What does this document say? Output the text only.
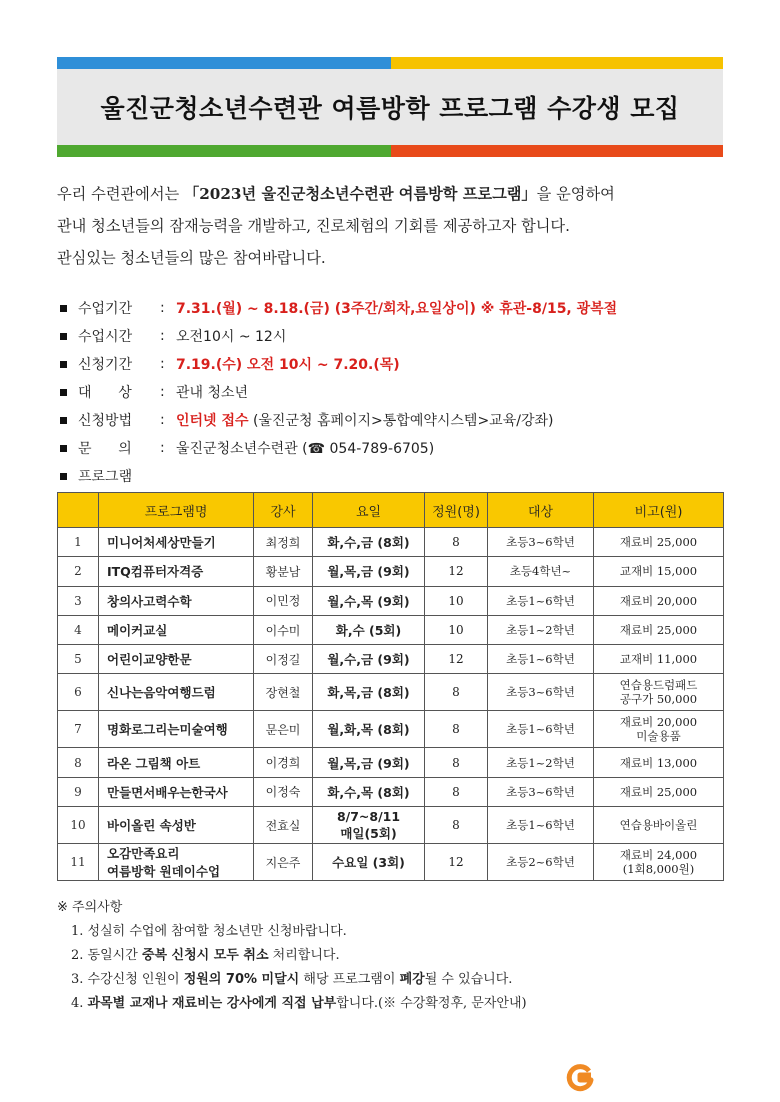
울진군청소년수련관 여름방학 프로그램 수강생 모집
우리 수련관에서는 「2023년 울진군청소년수련관 여름방학 프로그램」을 운영하여
관내 청소년들의 잠재능력을 개발하고, 진로체험의 기회를 제공하고자 합니다.
관심있는 청소년들의 많은 참여바랍니다.
수업기간	: 7.31.(월) ~ 8.18.(금) (3주간/회차,요일상이) ※ 휴관-8/15, 광복절
수업시간	: 오전10시 ~ 12시
신청기간	: 7.19.(수) 오전 10시 ~ 7.20.(목)
대      상	: 관내 청소년
신청방법	: 인터넷 접수 (울진군청 홈페이지>통합예약시스템>교육/강좌)
문      의	: 울진군청소년수련관 (☎ 054-789-6705)
프로그램
	프로그램명	강사	요일	정원(명)	대상	비고(원)
1	미니어처세상만들기	최정희	화,수,금 (8회)	8	초등3~6학년	재료비 25,000
2	ITQ컴퓨터자격증	황분남	월,목,금 (9회)	12	초등4학년~	교재비 15,000
3	창의사고력수학	이민정	월,수,목 (9회)	10	초등1~6학년	재료비 20,000
4	메이커교실	이수미	화,수 (5회)	10	초등1~2학년	재료비 25,000
5	어린이교양한문	이정길	월,수,금 (9회)	12	초등1~6학년	교재비 11,000
6	신나는음악여행드럼	장현철	화,목,금 (8회)	8	초등3~6학년	연습용드럼패드
공구가 50,000
7	명화로그리는미술여행	문은미	월,화,목 (8회)	8	초등1~6학년	재료비 20,000
미술용품
8	라온 그림책 아트	이경희	월,목,금 (9회)	8	초등1~2학년	재료비 13,000
9	만들면서배우는한국사	이정숙	화,수,목 (8회)	8	초등3~6학년	재료비 25,000
10	바이올린 속성반	전효실	8/7~8/11
매일(5회)	8	초등1~6학년	연습용바이올린
11	오감만족요리
여름방학 원데이수업	지은주	수요일 (3회)	12	초등2~6학년	재료비 24,000
(1회8,000원)
※ 주의사항
1. 성실히 수업에 참여할 청소년만 신청바랍니다.
2. 동일시간 중복 신청시 모두 취소 처리합니다.
3. 수강신청 인원이 정원의 70% 미달시 해당 프로그램이 폐강될 수 있습니다.
4. 과목별 교재나 재료비는 강사에게 직접 납부합니다.(※ 수강확정후, 문자안내)
